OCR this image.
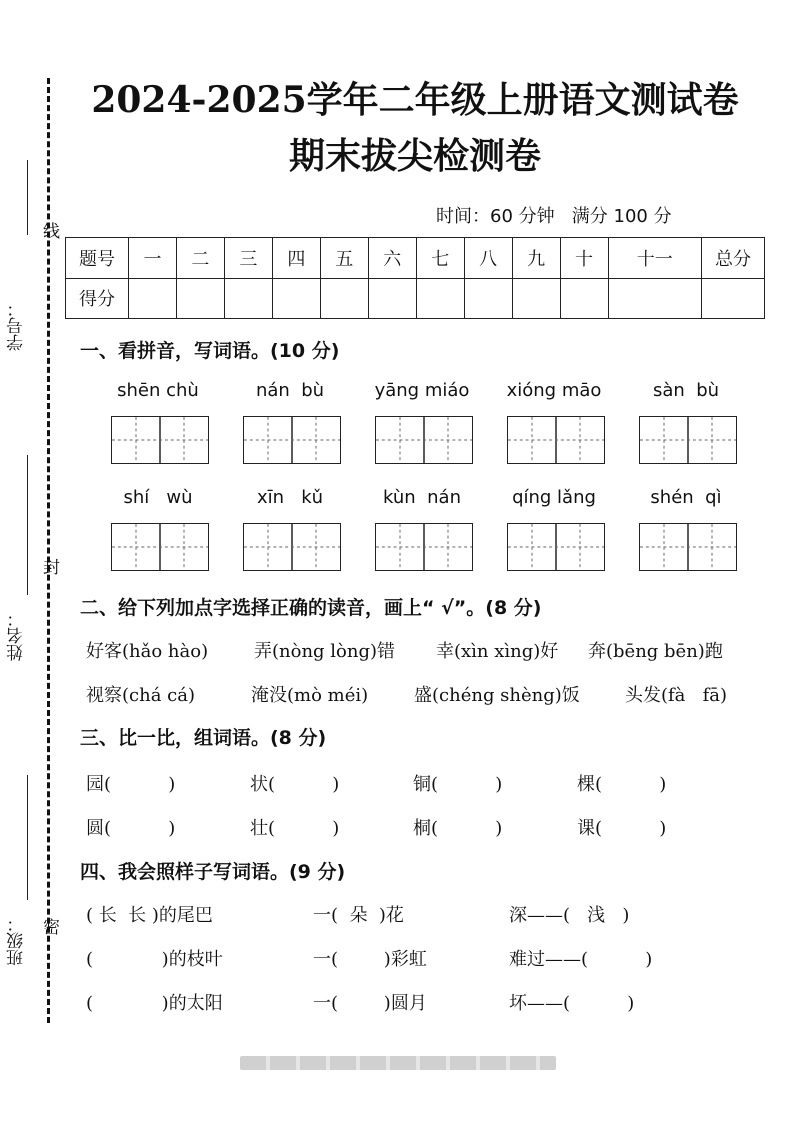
学号：
姓名：
班级：
线
封
密
2024-2025学年二年级上册语文测试卷
期末拔尖检测卷
时间：60 分钟   满分 100 分
题号	一	二	三	四	五	六	七	八	九	十	十一	总分
得分												
一、看拼音，写词语。(10 分)
shēn chù	nán  bù	yāng miáo	xióng māo	sàn  bù
shí   wù	xīn   kǔ	kùn  nán	qíng lǎng	shén  qì
二、给下列加点字选择正确的读音，画上“ √”。(8 分)
好客(hǎo hào)	弄(nòng lòng)错 幸(xìn xìng)好 奔(bēng bēn)跑
视察(chá cá)	淹没(mò méi)	盛(chéng shèng)饭	头发(fà   fā)
三、比一比，组词语。(8 分)
园(          )	状(          )	铜(          )	棵(          )
圆(          )	壮(          )	桐(          )	课(          )
四、我会照样子写词语。(9 分)
( 长  长 )的尾巴	一(  朵  )花	深——(   浅   )
(            )的枝叶	一(        )彩虹	难过——(          )
(            )的太阳	一(        )圆月	坏——(          )
